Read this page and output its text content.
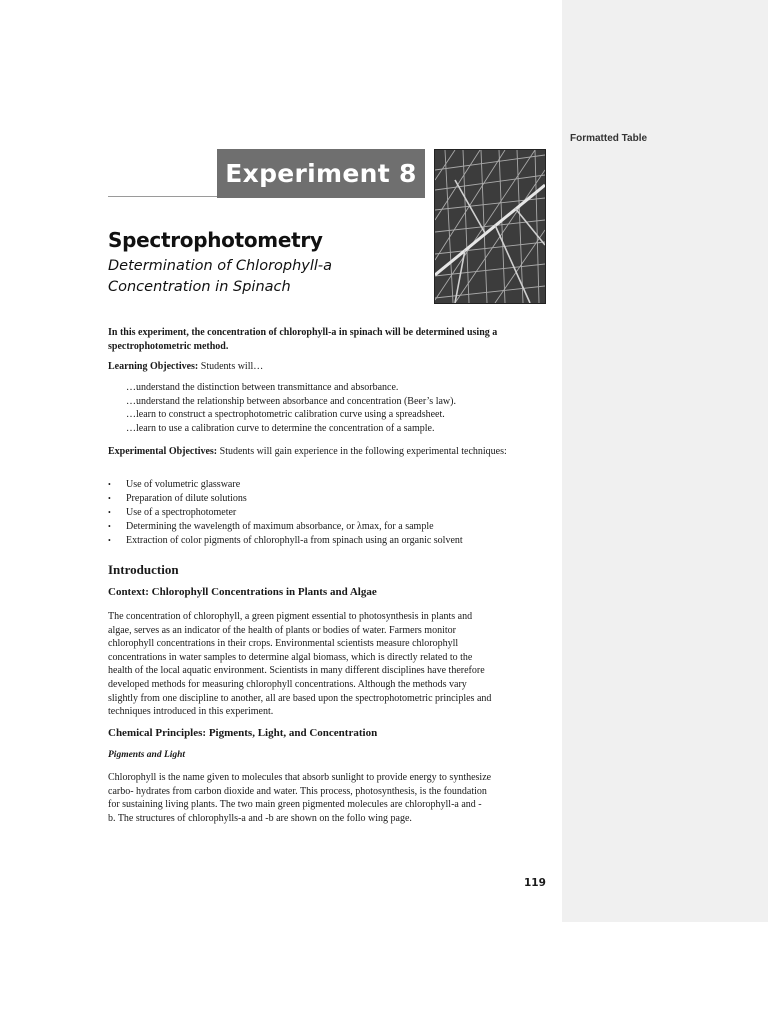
Formatted Table
Experiment 8
Spectrophotometry
Determination of Chlorophyll-a
Concentration in Spinach
In this experiment, the concentration of chlorophyll-a in spinach will be determined using a spectrophotometric method.
Learning Objectives: Students will…
…understand the distinction between transmittance and absorbance.
…understand the relationship between absorbance and concentration (Beer’s law).
…learn to construct a spectrophotometric calibration curve using a spreadsheet.
…learn to use a calibration curve to determine the concentration of a sample.
Experimental Objectives: Students will gain experience in the following experimental techniques:
•	Use of volumetric glassware
•	Preparation of dilute solutions
•	Use of a spectrophotometer
•	Determining the wavelength of maximum absorbance, or λmax, for a sample
•	Extraction of color pigments of chlorophyll-a from spinach using an organic solvent
Introduction
Context: Chlorophyll Concentrations in Plants and Algae
The concentration of chlorophyll, a green pigment essential to photosynthesis in plants and
algae, serves as an indicator of the health of plants or bodies of water. Farmers monitor
chlorophyll concentrations in their crops. Environmental scientists measure chlorophyll
concentrations in water samples to determine algal biomass, which is directly related to the
health of the local aquatic environment. Scientists in many different disciplines have therefore
developed methods for measuring chlorophyll concentrations. Although the methods vary
slightly from one discipline to another, all are based upon the spectrophotometric principles and
techniques introduced in this experiment.
Chemical Principles: Pigments, Light, and Concentration
Pigments and Light
Chlorophyll is the name given to molecules that absorb sunlight to provide energy to synthesize
carbo- hydrates from carbon dioxide and water. This process, photosynthesis, is the foundation
for sustaining living plants. The two main green pigmented molecules are chlorophyll-a and -
b. The structures of chlorophylls-a and -b are shown on the follo wing page.
119
